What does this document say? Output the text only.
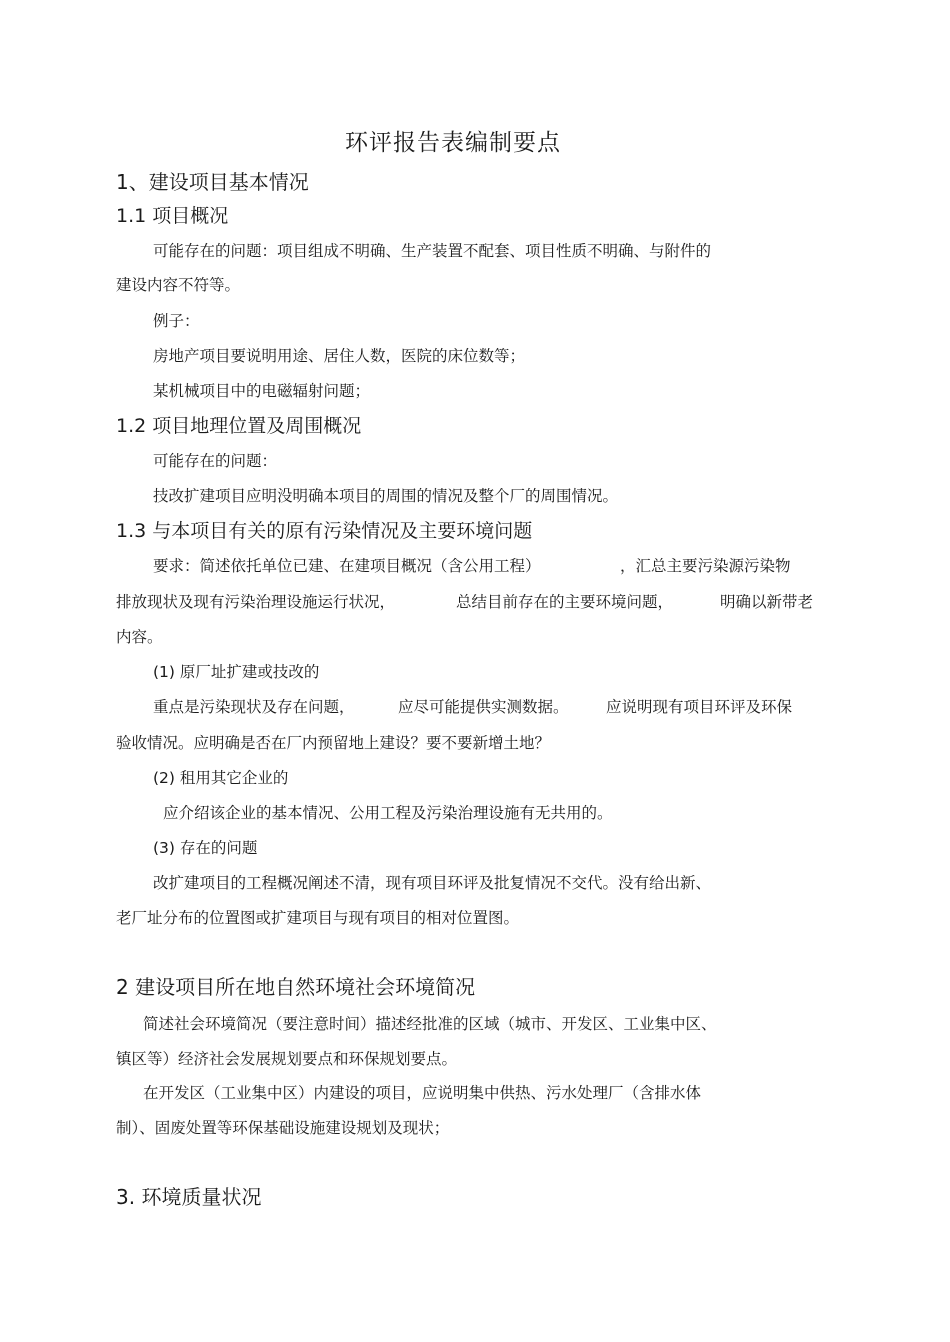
环评报告表编制要点
1、建设项目基本情况
1.1 项目概况
可能存在的问题：项目组成不明确、生产装置不配套、项目性质不明确、与附件的
建设内容不符等。
例子：
房地产项目要说明用途、居住人数，医院的床位数等；
某机械项目中的电磁辐射问题；
1.2 项目地理位置及周围概况
可能存在的问题：
技改扩建项目应明没明确本项目的周围的情况及整个厂的周围情况。
1.3 与本项目有关的原有污染情况及主要环境问题
要求：简述依托单位已建、在建项目概况（含公用工程）	，汇总主要污染源污染物
排放现状及现有污染治理设施运行状况，	总结目前存在的主要环境问题，	明确以新带老
内容。
(1) 原厂址扩建或技改的
重点是污染现状及存在问题，	应尽可能提供实测数据。 应说明现有项目环评及环保
验收情况。应明确是否在厂内预留地上建设？要不要新增土地？
(2) 租用其它企业的
应介绍该企业的基本情况、公用工程及污染治理设施有无共用的。
(3) 存在的问题
改扩建项目的工程概况阐述不清，现有项目环评及批复情况不交代。没有给出新、
老厂址分布的位置图或扩建项目与现有项目的相对位置图。
2 建设项目所在地自然环境社会环境简况
简述社会环境简况（要注意时间）描述经批准的区域（城市、开发区、工业集中区、
镇区等）经济社会发展规划要点和环保规划要点。
在开发区（工业集中区）内建设的项目，应说明集中供热、污水处理厂（含排水体
制）、固废处置等环保基础设施建设规划及现状；
3. 环境质量状况
